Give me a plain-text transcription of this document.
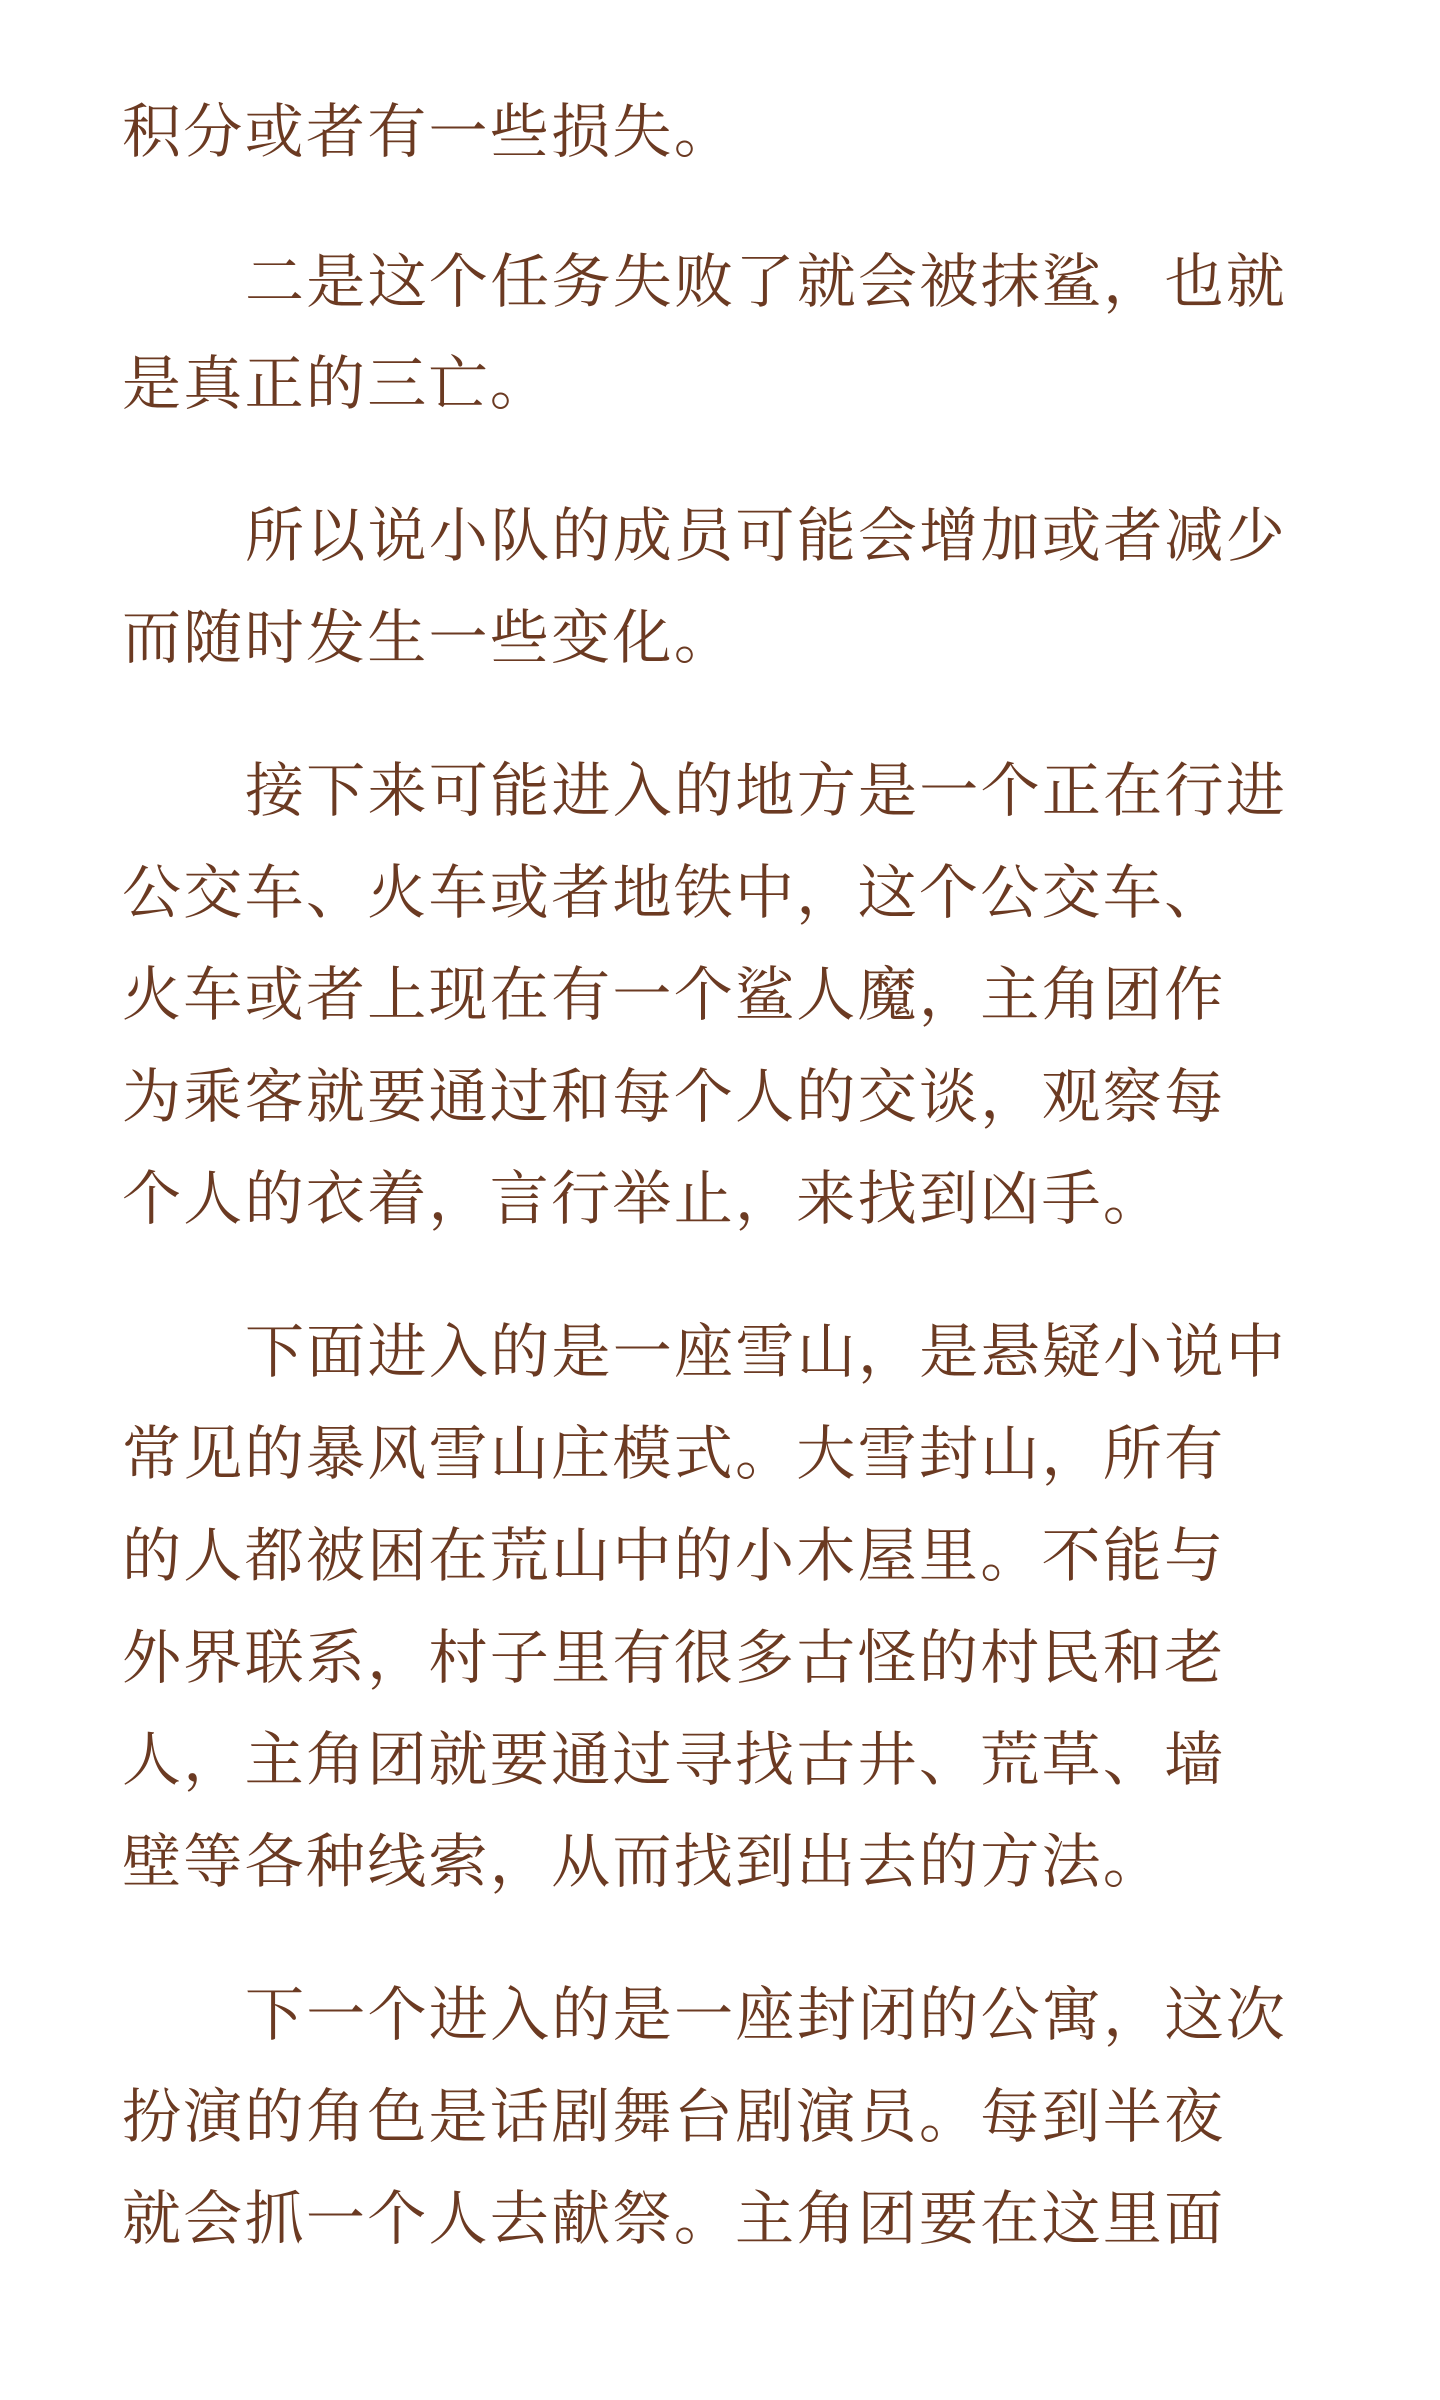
积分或者有一些损失。
二是这个任务失败了就会被抹鲨，也就
是真正的三亡。
所以说小队的成员可能会增加或者减少
而随时发生一些变化。
接下来可能进入的地方是一个正在行进
公交车、火车或者地铁中，这个公交车、
火车或者上现在有一个鲨人魔，主角团作
为乘客就要通过和每个人的交谈，观察每
个人的衣着，言行举止，来找到凶手。
下面进入的是一座雪山，是悬疑小说中
常见的暴风雪山庄模式。大雪封山，所有
的人都被困在荒山中的小木屋里。不能与
外界联系，村子里有很多古怪的村民和老
人，主角团就要通过寻找古井、荒草、墙
壁等各种线索，从而找到出去的方法。
下一个进入的是一座封闭的公寓，这次
扮演的角色是话剧舞台剧演员。每到半夜
就会抓一个人去献祭。主角团要在这里面
